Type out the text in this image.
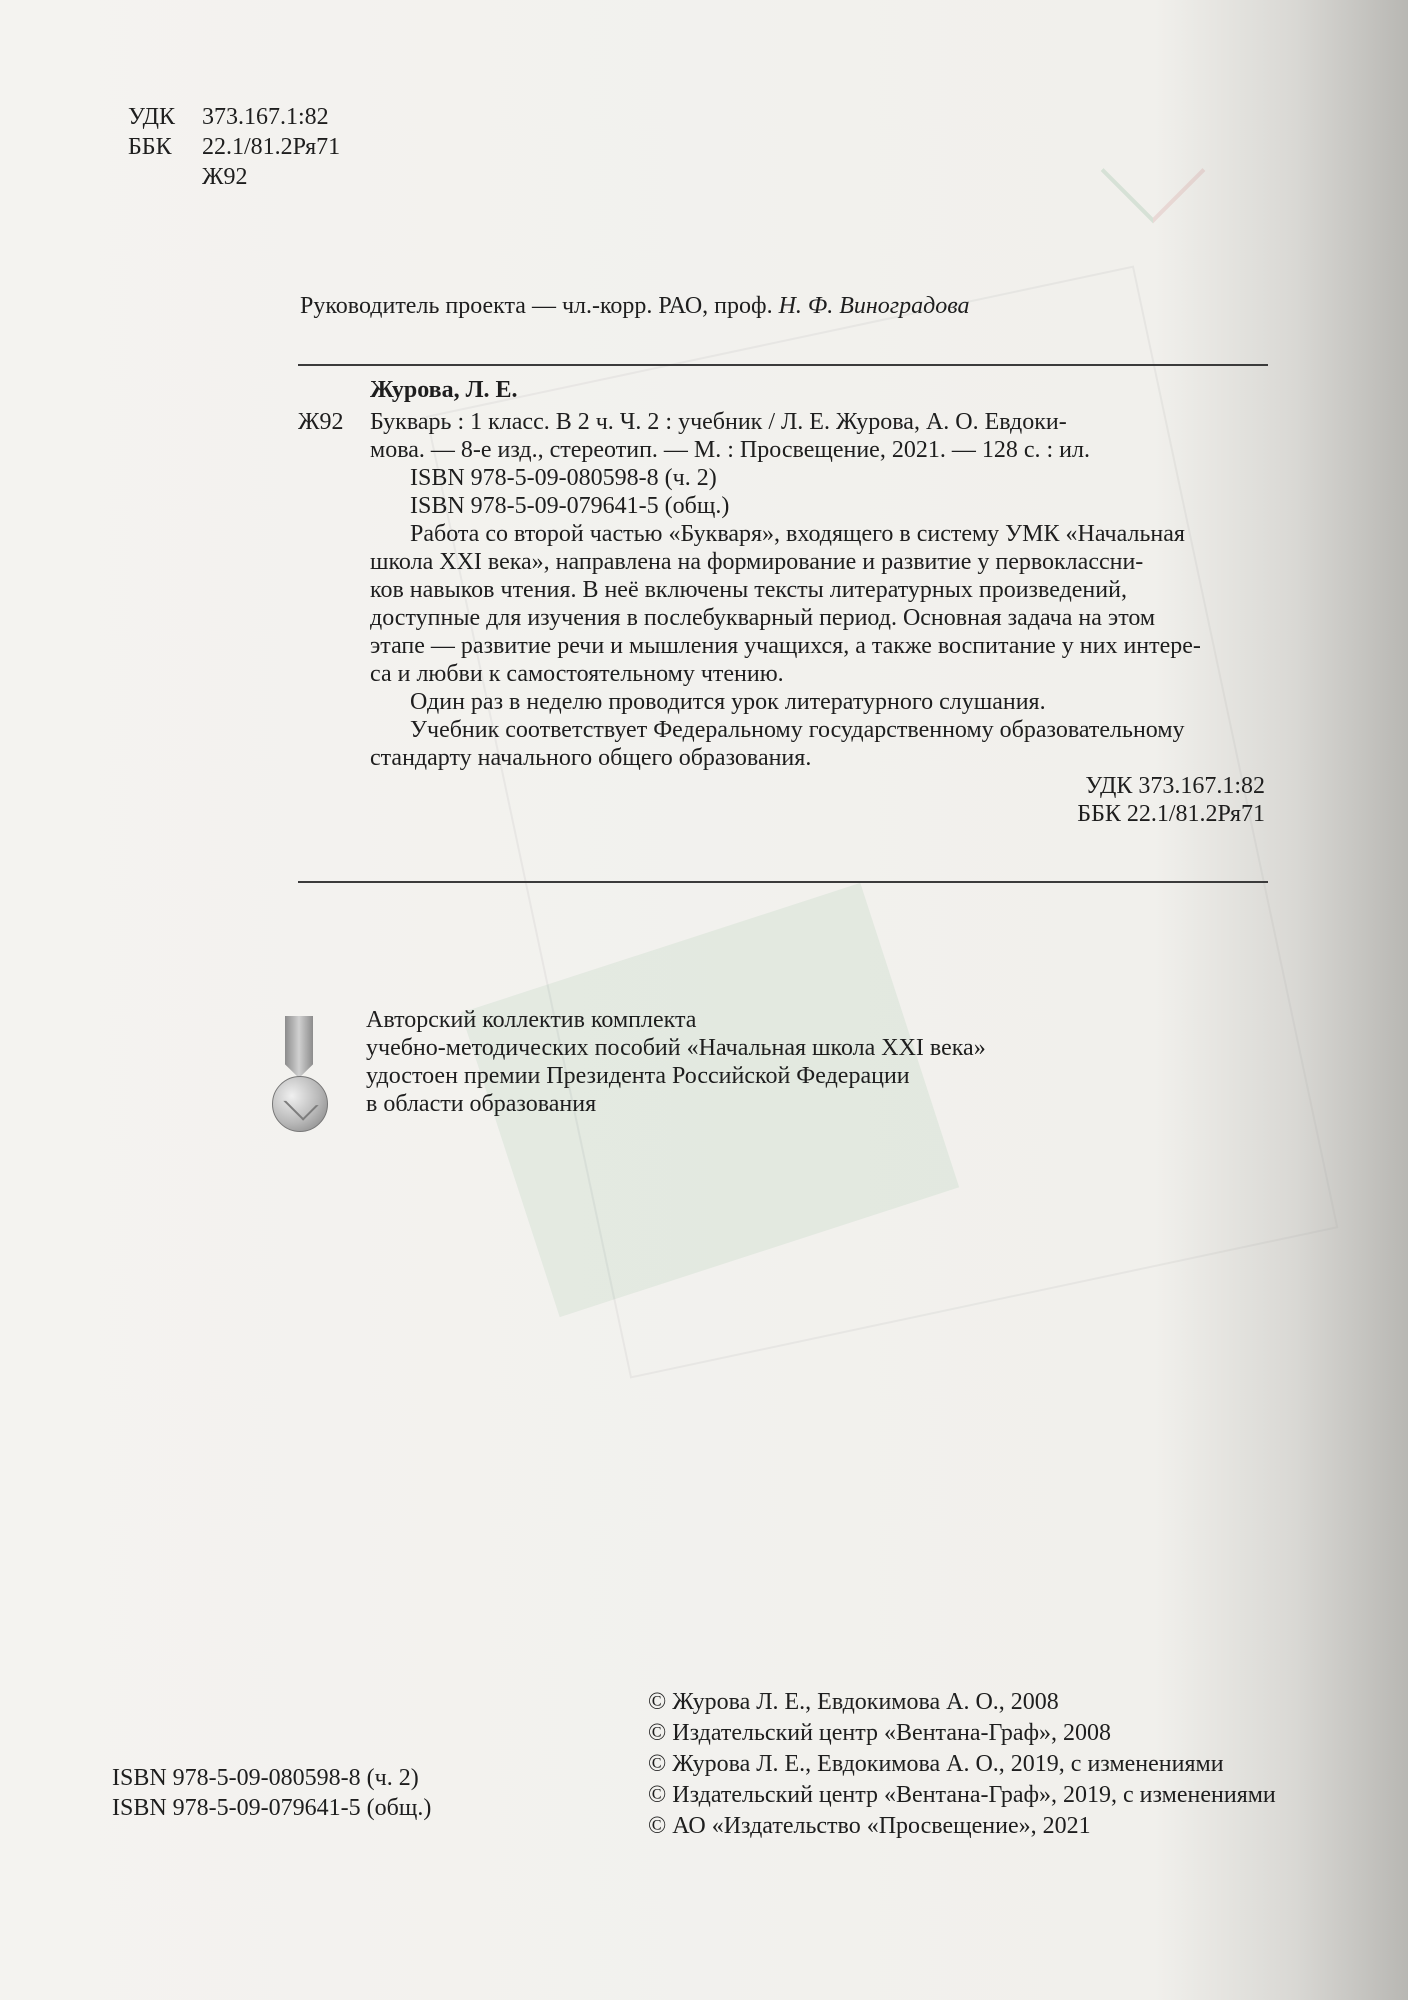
УДК	373.167.1:82
ББК	22.1/81.2Ря71
Ж92
Руководитель проекта — чл.-корр. РАО, проф. Н. Ф. Виноградова
Журова, Л. Е.
Ж92 Букварь : 1 класс. В 2 ч. Ч. 2 : учебник / Л. Е. Журова, А. О. Евдоки-
мова. — 8-е изд., стереотип. — М. : Просвещение, 2021. — 128 с. : ил.
ISBN 978-5-09-080598-8 (ч. 2)
ISBN 978-5-09-079641-5 (общ.)
Работа со второй частью «Букваря», входящего в систему УМК «Начальная
школа XXI века», направлена на формирование и развитие у первоклассни-
ков навыков чтения. В неё включены тексты литературных произведений,
доступные для изучения в послебукварный период. Основная задача на этом
этапе — развитие речи и мышления учащихся, а также воспитание у них интере-
са и любви к самостоятельному чтению.
Один раз в неделю проводится урок литературного слушания.
Учебник соответствует Федеральному государственному образовательному
стандарту начального общего образования.
УДК 373.167.1:82
ББК 22.1/81.2Ря71
Авторский коллектив комплекта
учебно-методических пособий «Начальная школа XXI века»
удостоен премии Президента Российской Федерации
в области образования
ISBN 978-5-09-080598-8 (ч. 2)
ISBN 978-5-09-079641-5 (общ.)
© Журова Л. Е., Евдокимова А. О., 2008
© Издательский центр «Вентана-Граф», 2008
© Журова Л. Е., Евдокимова А. О., 2019, с изменениями
© Издательский центр «Вентана-Граф», 2019, с изменениями
© АО «Издательство «Просвещение», 2021
